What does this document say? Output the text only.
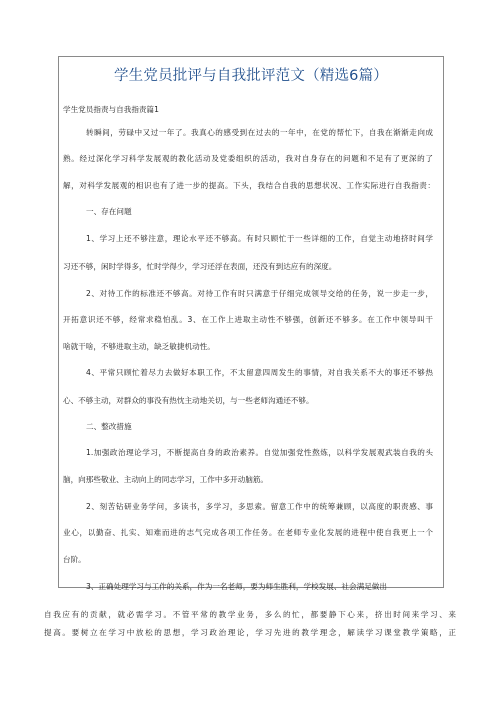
学生党员批评与自我批评范文（精选6篇）
学生党员指责与自我指责篇1
转瞬间，劳碌中又过一年了。我真心的感受到在过去的一年中，在党的帮忙下，自我在渐渐走向成
熟。经过深化学习科学发展观的教化活动及党委组织的活动，我对自身存在的问题和不足有了更深的了
解，对科学发展观的相识也有了进一步的提高。下头，我结合自我的思想状况、工作实际进行自我指责：
一、存在问题
1、学习上还不够注意，理论水平还不够高。有时只顾忙于一些详细的工作，自觉主动地挤时间学
习还不够，闲时学得多，忙时学得少，学习还浮在表面，还没有到达应有的深度。
2、对待工作的标准还不够高。对待工作有时只满意于仔细完成领导交给的任务，说一步走一步，
开拓意识还不够，经常求稳怕乱。3、在工作上进取主动性不够强，创新还不够多。在工作中领导叫干
啥就干啥，不够进取主动，缺乏敏捷机动性。
4、平常只顾忙着尽力去做好本职工作，不太留意四周发生的事情，对自我关系不大的事还不够热
心、不够主动，对群众的事没有热忱主动地关切，与一些老师沟通还不够。
二、整改措施
1.加强政治理论学习，不断提高自身的政治素养。自觉加强党性熬炼，以科学发展观武装自我的头
脑，向那些敬业、主动向上的同志学习，工作中多开动脑筋。
2、刻苦钻研业务学问，多读书，多学习，多思索。留意工作中的统筹兼顾，以高度的职责感、事
业心，以勤奋、扎实、知难而进的志气完成各项工作任务。在老师专业化发展的进程中使自我更上一个
台阶。
3、正确处理学习与工作的关系，作为一名老师，要为师生胜利，学校发展、社会满足做出
自我应有的贡献，就必需学习。不管平常的教学业务，多么的忙，都要静下心来，挤出时间来学习、来
提高。要树立在学习中放松的思想，学习政治理论，学习先进的教学理念，解读学习课堂教学策略，正
